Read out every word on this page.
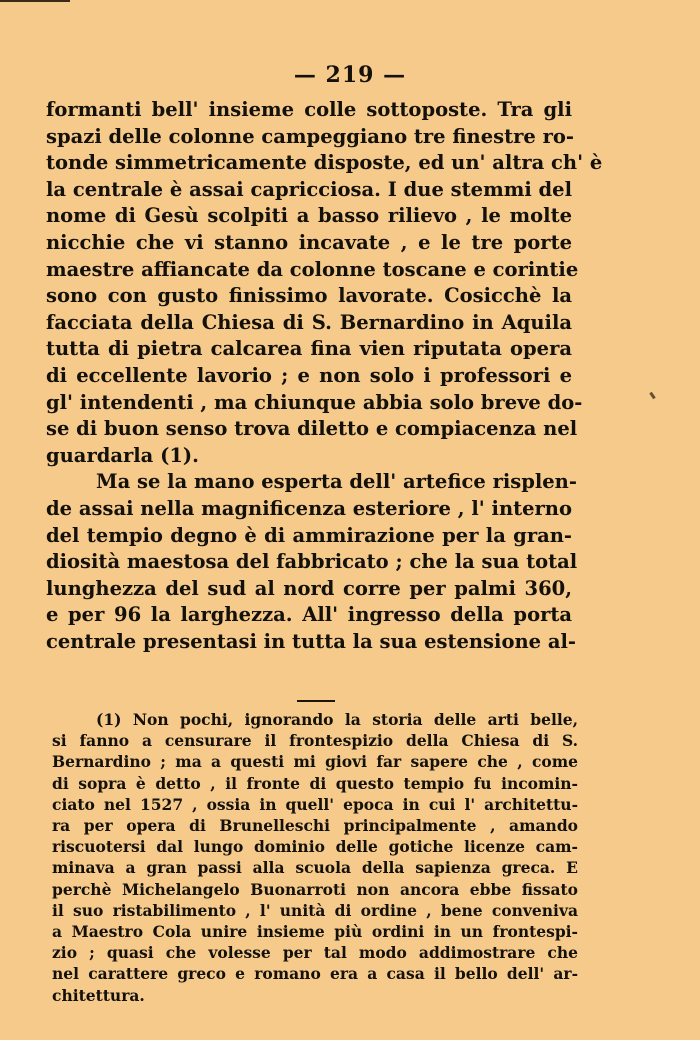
— 219 —
formanti bell' insieme colle sottoposte. Tra gli
spazi delle colonne campeggiano tre finestre ro-
tonde simmetricamente disposte, ed un' altra ch' è
la centrale è assai capricciosa. I due stemmi del
nome di Gesù scolpiti a basso rilievo , le molte
nicchie che vi stanno incavate , e le tre porte
maestre affiancate da colonne toscane e corintie
sono con gusto finissimo lavorate. Cosicchè la
facciata della Chiesa di S. Bernardino in Aquila
tutta di pietra calcarea fina vien riputata opera
di eccellente lavorio ; e non solo i professori e
gl' intendenti , ma chiunque abbia solo breve do-
se di buon senso trova diletto e compiacenza nel
guardarla (1).
Ma se la mano esperta dell' artefice risplen-
de assai nella magnificenza esteriore , l' interno
del tempio degno è di ammirazione per la gran-
diosità maestosa del fabbricato ; che la sua total
lunghezza del sud al nord corre per palmi 360,
e per 96 la larghezza. All' ingresso della porta
centrale presentasi in tutta la sua estensione al-
(1) Non pochi, ignorando la storia delle arti belle,
si fanno a censurare il frontespizio della Chiesa di S.
Bernardino ; ma a questi mi giovi far sapere che , come
di sopra è detto , il fronte di questo tempio fu incomin-
ciato nel 1527 , ossia in quell' epoca in cui l' architettu-
ra per opera di Brunelleschi principalmente , amando
riscuotersi dal lungo dominio delle gotiche licenze cam-
minava a gran passi alla scuola della sapienza greca. E
perchè Michelangelo Buonarroti non ancora ebbe fissato
il suo ristabilimento , l' unità di ordine , bene conveniva
a Maestro Cola unire insieme più ordini in un frontespi-
zio ; quasi che volesse per tal modo addimostrare che
nel carattere greco e romano era a casa il bello dell' ar-
chitettura.
